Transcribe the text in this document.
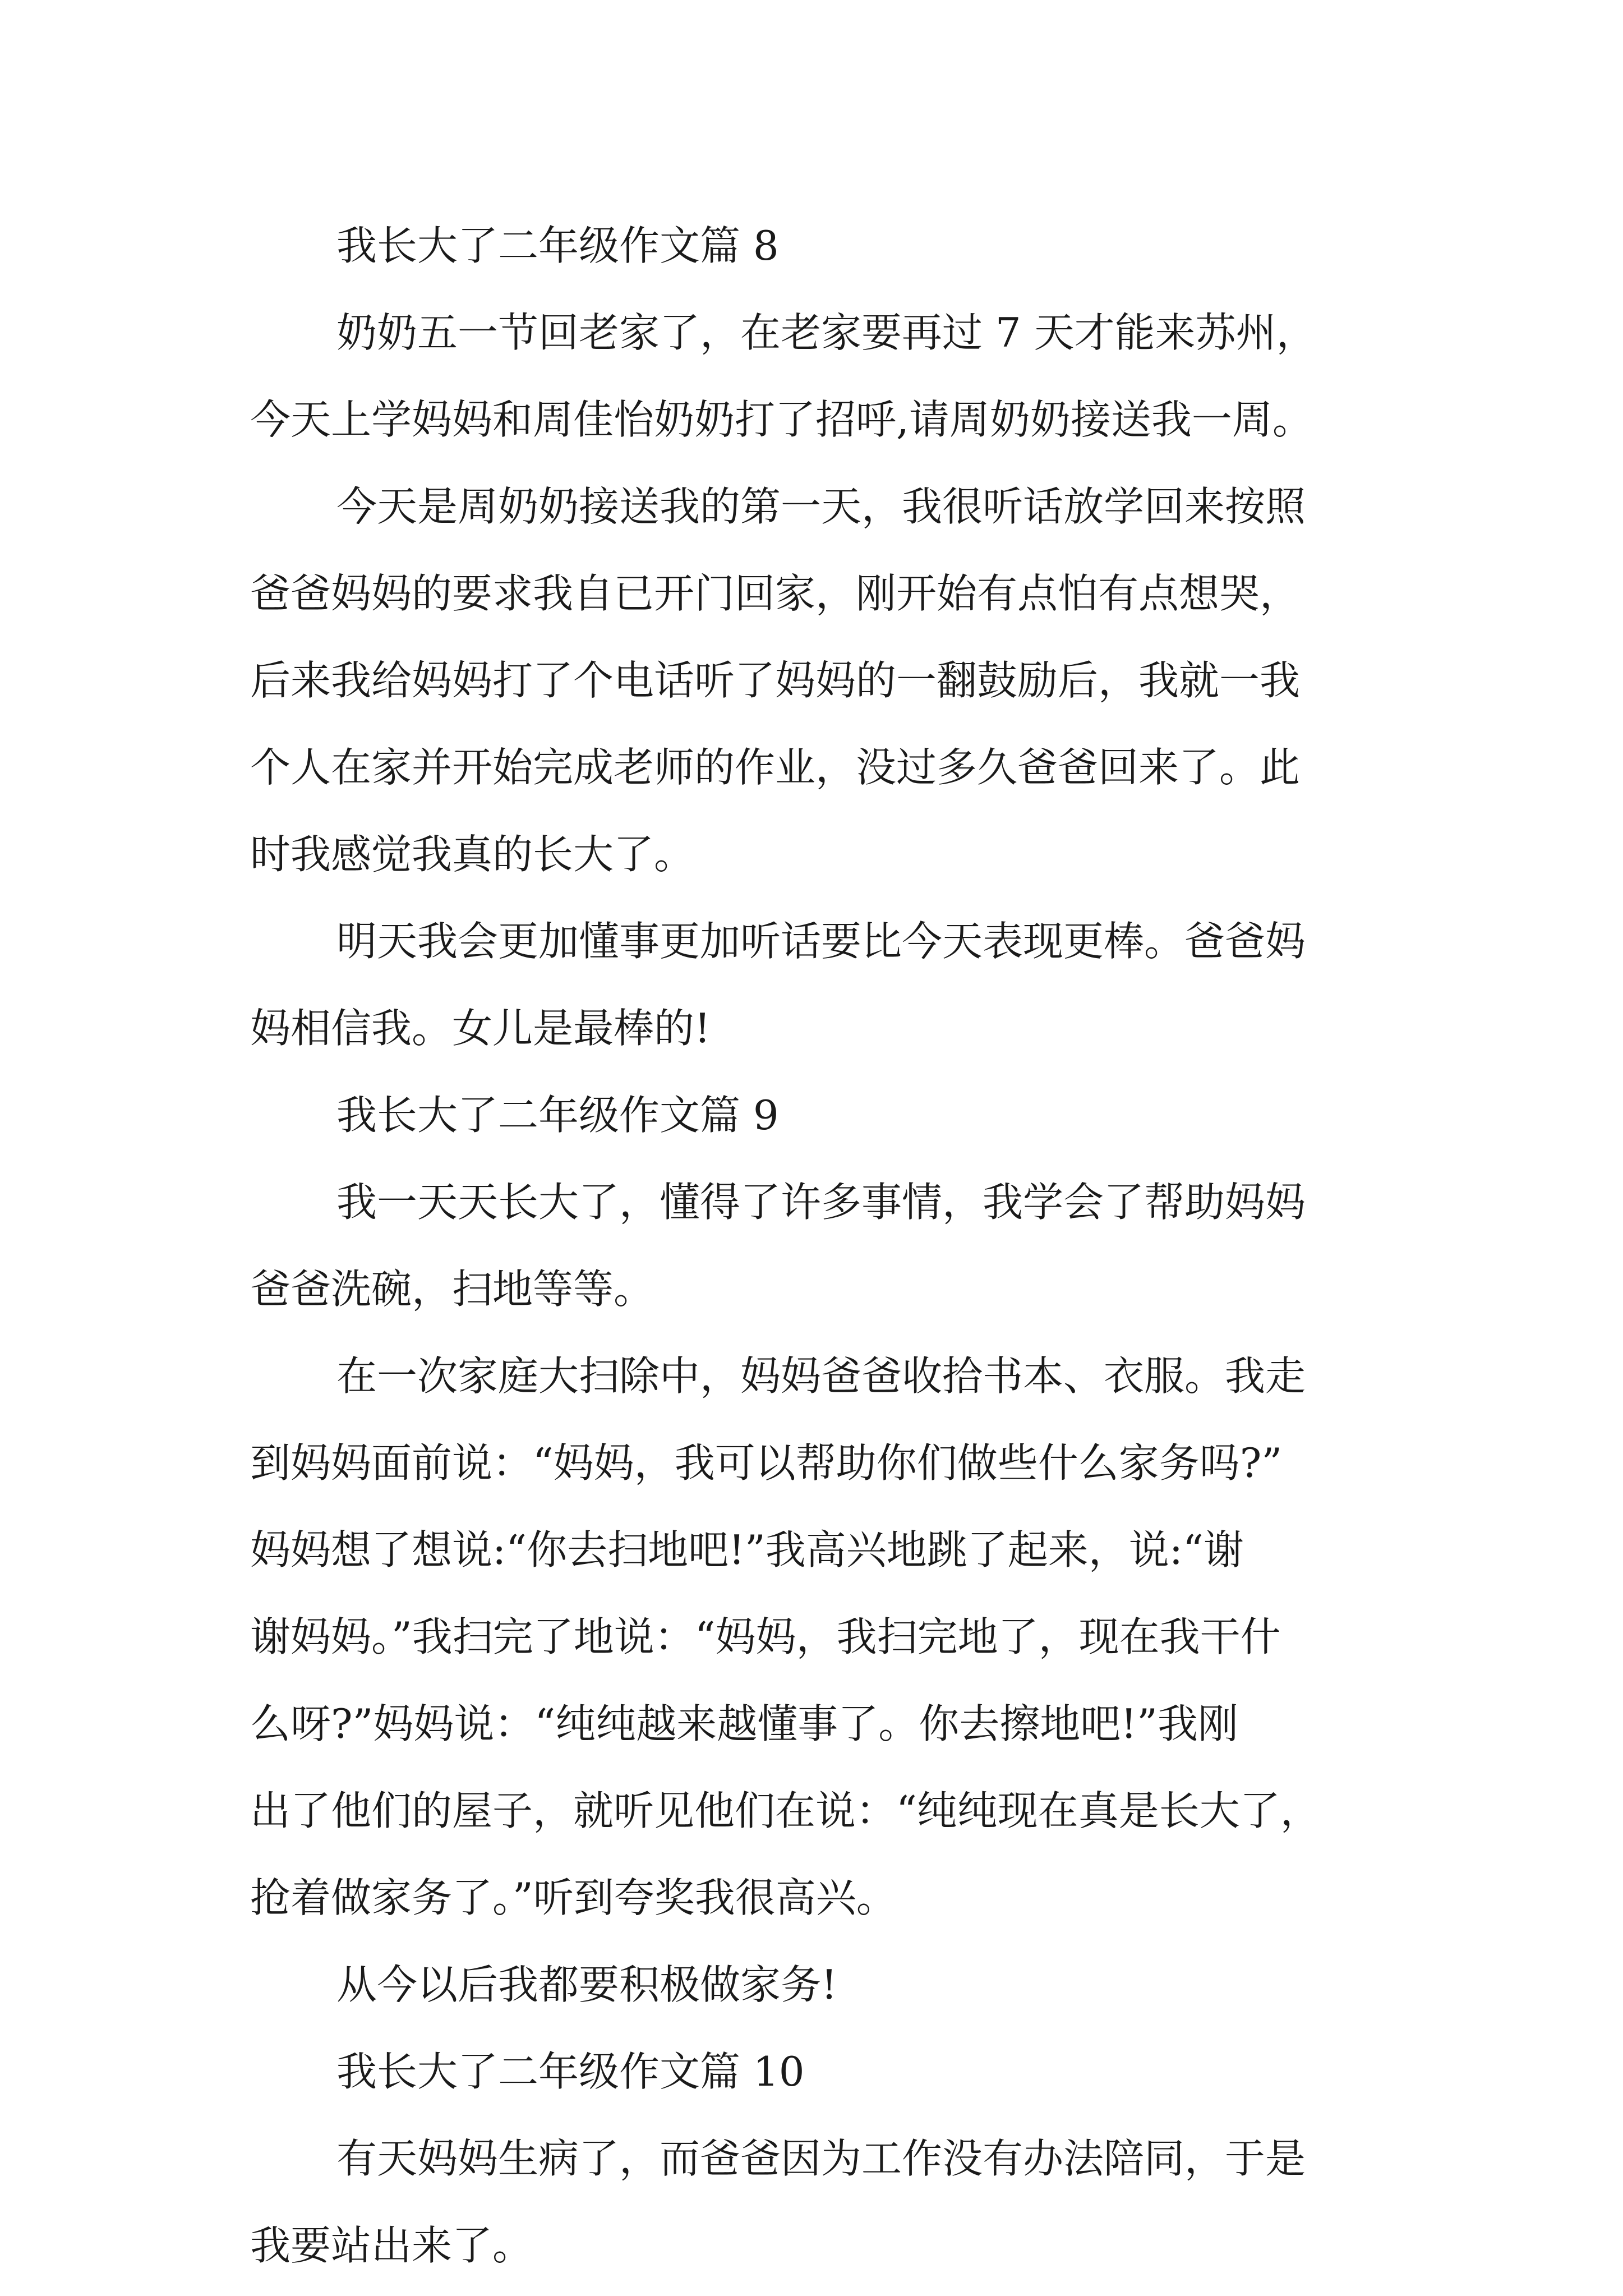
我长大了二年级作文篇 8
奶奶五一节回老家了，在老家要再过 7 天才能来苏州，
今天上学妈妈和周佳怡奶奶打了招呼,请周奶奶接送我一周。
今天是周奶奶接送我的第一天，我很听话放学回来按照
爸爸妈妈的要求我自已开门回家，刚开始有点怕有点想哭，
后来我给妈妈打了个电话听了妈妈的一翻鼓励后，我就一我
个人在家并开始完成老师的作业，没过多久爸爸回来了。此
时我感觉我真的长大了。
明天我会更加懂事更加听话要比今天表现更棒。爸爸妈
妈相信我。女儿是最棒的!
我长大了二年级作文篇 9
我一天天长大了，懂得了许多事情，我学会了帮助妈妈
爸爸洗碗，扫地等等。
在一次家庭大扫除中，妈妈爸爸收拾书本、衣服。我走
到妈妈面前说：“妈妈，我可以帮助你们做些什么家务吗?”
妈妈想了想说:“你去扫地吧!”我高兴地跳了起来，说:“谢
谢妈妈。”我扫完了地说：“妈妈，我扫完地了，现在我干什
么呀?”妈妈说：“纯纯越来越懂事了。你去擦地吧!”我刚
出了他们的屋子，就听见他们在说：“纯纯现在真是长大了，
抢着做家务了。”听到夸奖我很高兴。
从今以后我都要积极做家务!
我长大了二年级作文篇 10
有天妈妈生病了，而爸爸因为工作没有办法陪同，于是
我要站出来了。
